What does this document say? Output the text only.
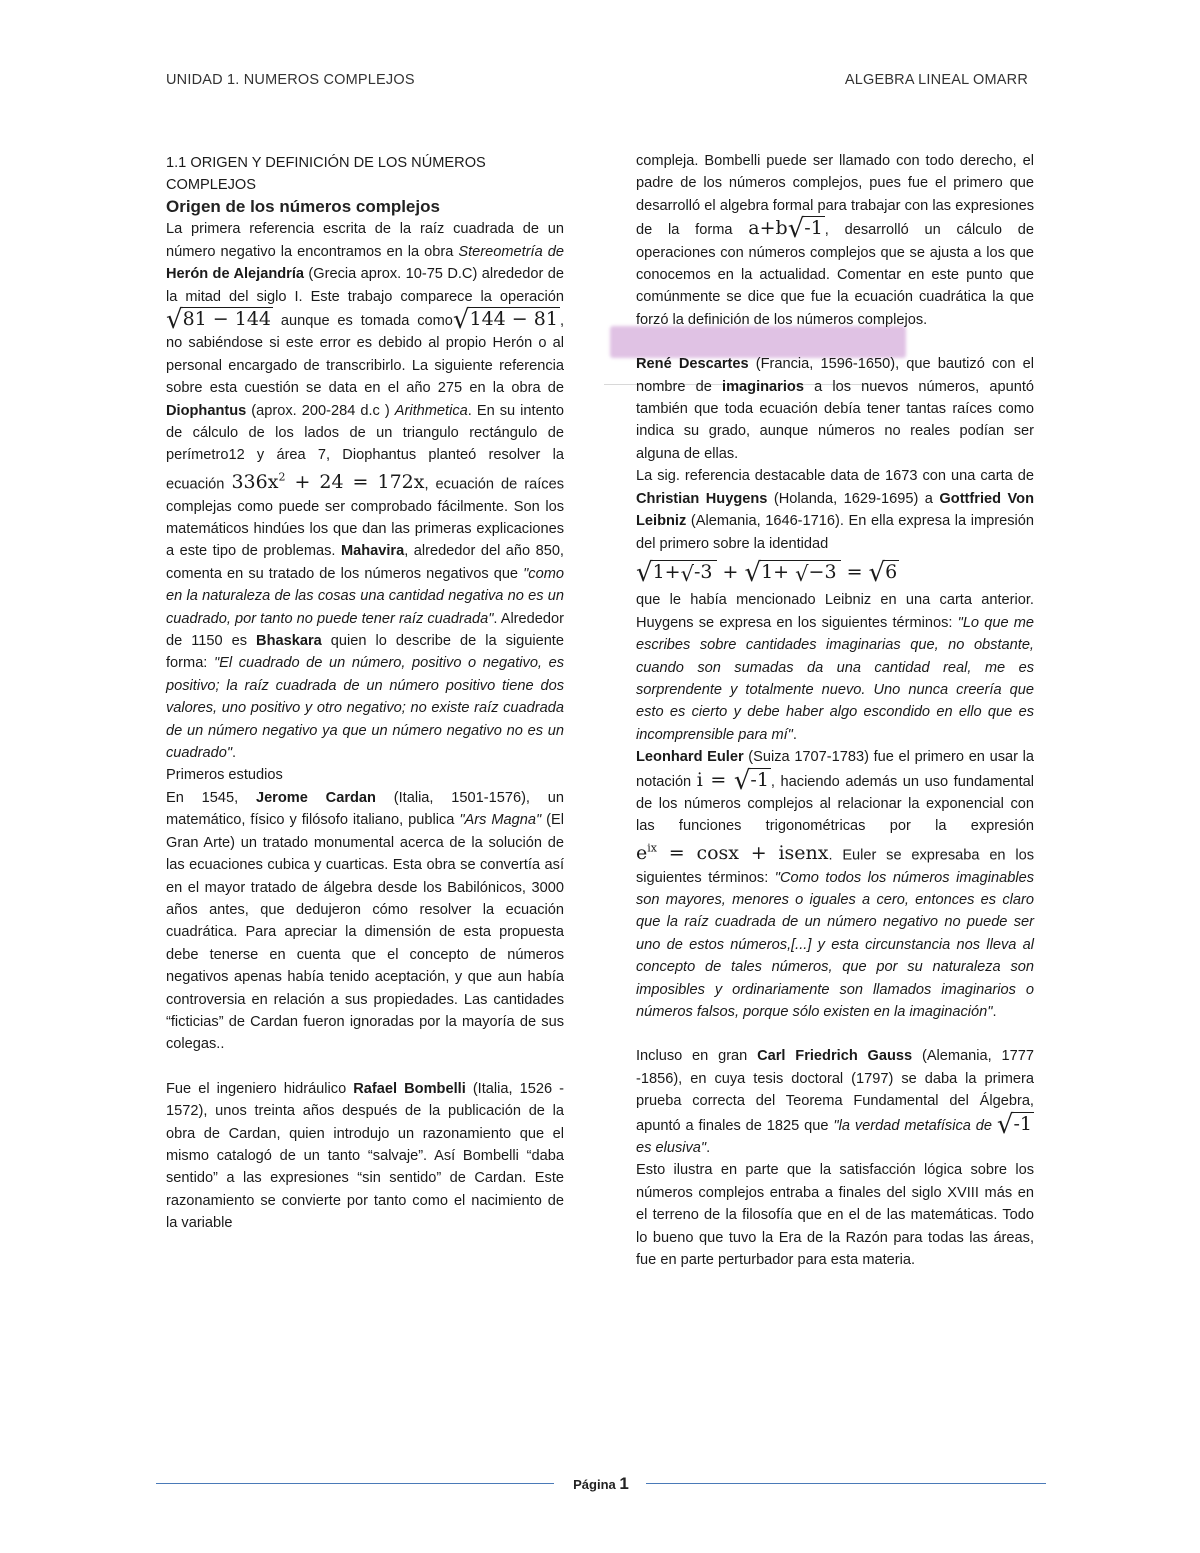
UNIDAD 1. NUMEROS COMPLEJOS	ALGEBRA LINEAL OMARR

1.1 ORIGEN Y DEFINICIÓN DE LOS NÚMEROS COMPLEJOS

Origen de los números complejos

La primera referencia escrita de la raíz cuadrada de un número negativo la encontramos en la obra Stereometría de Herón de Alejandría (Grecia aprox. 10-75 D.C) alrededor de la mitad del siglo I. Este trabajo comparece la operación √81 − 144 aunque es tomada como√144 − 81 , no sabiéndose si este error es debido al propio Herón o al personal encargado de transcribirlo. La siguiente referencia sobre esta cuestión se data en el año 275 en la obra de Diophantus (aprox. 200-284 d.c ) Arithmetica. En su intento de cálculo de los lados de un triangulo rectángulo de perímetro12 y área 7, Diophantus planteó resolver la ecuación $336x^2 + 24 = 172x$, ecuación de raíces complejas como puede ser comprobado fácilmente. Son los matemáticos hindúes los que dan las primeras explicaciones a este tipo de problemas. Mahavira, alrededor del año 850, comenta en su tratado de los números negativos que "como en la naturaleza de las cosas una cantidad negativa no es un cuadrado, por tanto no puede tener raíz cuadrada". Alrededor de 1150 es Bhaskara quien lo describe de la siguiente forma: "El cuadrado de un número, positivo o negativo, es positivo; la raíz cuadrada de un número positivo tiene dos valores, uno positivo y otro negativo; no existe raíz cuadrada de un número negativo ya que un número negativo no es un cuadrado".

Primeros estudios

En 1545, Jerome Cardan (Italia, 1501-1576), un matemático, físico y filósofo italiano, publica "Ars Magna" (El Gran Arte) un tratado monumental acerca de la solución de las ecuaciones cubica y cuarticas. Esta obra se convertía así en el mayor tratado de álgebra desde los Babilónicos, 3000 años antes, que dedujeron cómo resolver la ecuación cuadrática. Para apreciar la dimensión de esta propuesta debe tenerse en cuenta que el concepto de números negativos apenas había tenido aceptación, y que aun había controversia en relación a sus propiedades. Las cantidades “ficticias” de Cardan fueron ignoradas por la mayoría de sus colegas..

Fue el ingeniero hidráulico Rafael Bombelli (Italia, 1526 - 1572), unos treinta años después de la publicación de la obra de Cardan, quien introdujo un razonamiento que el mismo catalogó de un tanto “salvaje”. Así Bombelli “daba sentido” a las expresiones “sin sentido” de Cardan. Este razonamiento se convierte por tanto como el nacimiento de la variable

compleja. Bombelli puede ser llamado con todo derecho, el padre de los números complejos, pues fue el primero que desarrolló el algebra formal para trabajar con las expresiones de la forma a+b√-1 , desarrolló un cálculo de operaciones con números complejos que se ajusta a los que conocemos en la actualidad. Comentar en este punto que comúnmente se dice que fue la ecuación cuadrática la que forzó la definición de los números complejos.

René Descartes (Francia, 1596-1650), que bautizó con el nombre de imaginarios a los nuevos números, apuntó también que toda ecuación debía tener tantas raíces como indica su grado, aunque números no reales podían ser alguna de ellas.

La sig. referencia destacable data de 1673 con una carta de Christian Huygens (Holanda, 1629-1695) a Gottfried Von Leibniz (Alemania, 1646-1716). En ella expresa la impresión del primero sobre la identidad

√1+√-3 + √1+ √−3 = √6

que le había mencionado Leibniz en una carta anterior. Huygens se expresa en los siguientes términos: "Lo que me escribes sobre cantidades imaginarias que, no obstante, cuando son sumadas da una cantidad real, me es sorprendente y totalmente nuevo. Uno nunca creería que esto es cierto y debe haber algo escondido en ello que es incomprensible para mí".

Leonhard Euler (Suiza 1707-1783) fue el primero en usar la notación i = √-1 , haciendo además un uso fundamental de los números complejos al relacionar la exponencial con las funciones trigonométricas por la expresión $e^{ix} = \cos x$ + isenx. Euler se expresaba en los siguientes términos: "Como todos los números imaginables son mayores, menores o iguales a cero, entonces es claro que la raíz cuadrada de un número negativo no puede ser uno de estos números,[...] y esta circunstancia nos lleva al concepto de tales números, que por su naturaleza son imposibles y ordinariamente son llamados imaginarios o números falsos, porque sólo existen en la imaginación".

Incluso en gran Carl Friedrich Gauss (Alemania, 1777 -1856), en cuya tesis doctoral (1797) se daba la primera prueba correcta del Teorema Fundamental del Álgebra, apuntó a finales de 1825 que "la verdad metafísica de √-1 es elusiva".

Esto ilustra en parte que la satisfacción lógica sobre los números complejos entraba a finales del siglo XVIII más en el terreno de la filosofía que en el de las matemáticas. Todo lo bueno que tuvo la Era de la Razón para todas las áreas, fue en parte perturbador para esta materia.

Página 1
